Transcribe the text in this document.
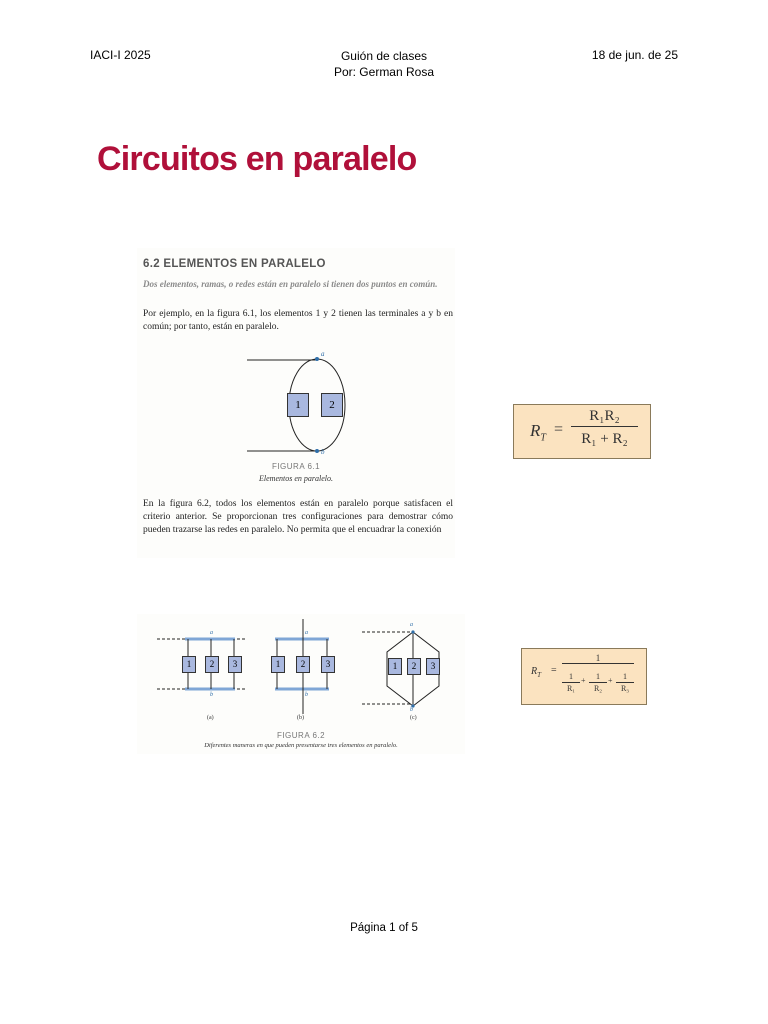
IACI-I 2025	Guión de clases
Por: German Rosa
18 de jun. de 25
Circuitos en paralelo
6.2 ELEMENTOS EN PARALELO
Dos elementos, ramas, o redes están en paralelo si tienen dos puntos en común.
Por ejemplo, en la figura 6.1, los elementos 1 y 2 tienen las terminales a y b en común; por tanto, están en paralelo.
a
b
1	2
FIGURA 6.1
Elementos en paralelo.
En la figura 6.2, todos los elementos están en paralelo porque satisfacen el criterio anterior. Se proporcionan tres configuraciones para demostrar cómo pueden trazarse las redes en paralelo. No permita que el encuadrar la conexión
$R_T$ =
R₁R₂
R₁ + R₂
1	2	3
a
b
1	2	3
a
b
1	2	3
a
b
(a)	(b)	(c)
FIGURA 6.2
Diferentes maneras en que pueden presentarse tres elementos en paralelo.
$R_T$ =
1
$\frac{1}{\text{R₁}} + \frac{1}{\text{R₂}} + \frac{1}{\text{R₃}}$
Página 1 of 5
